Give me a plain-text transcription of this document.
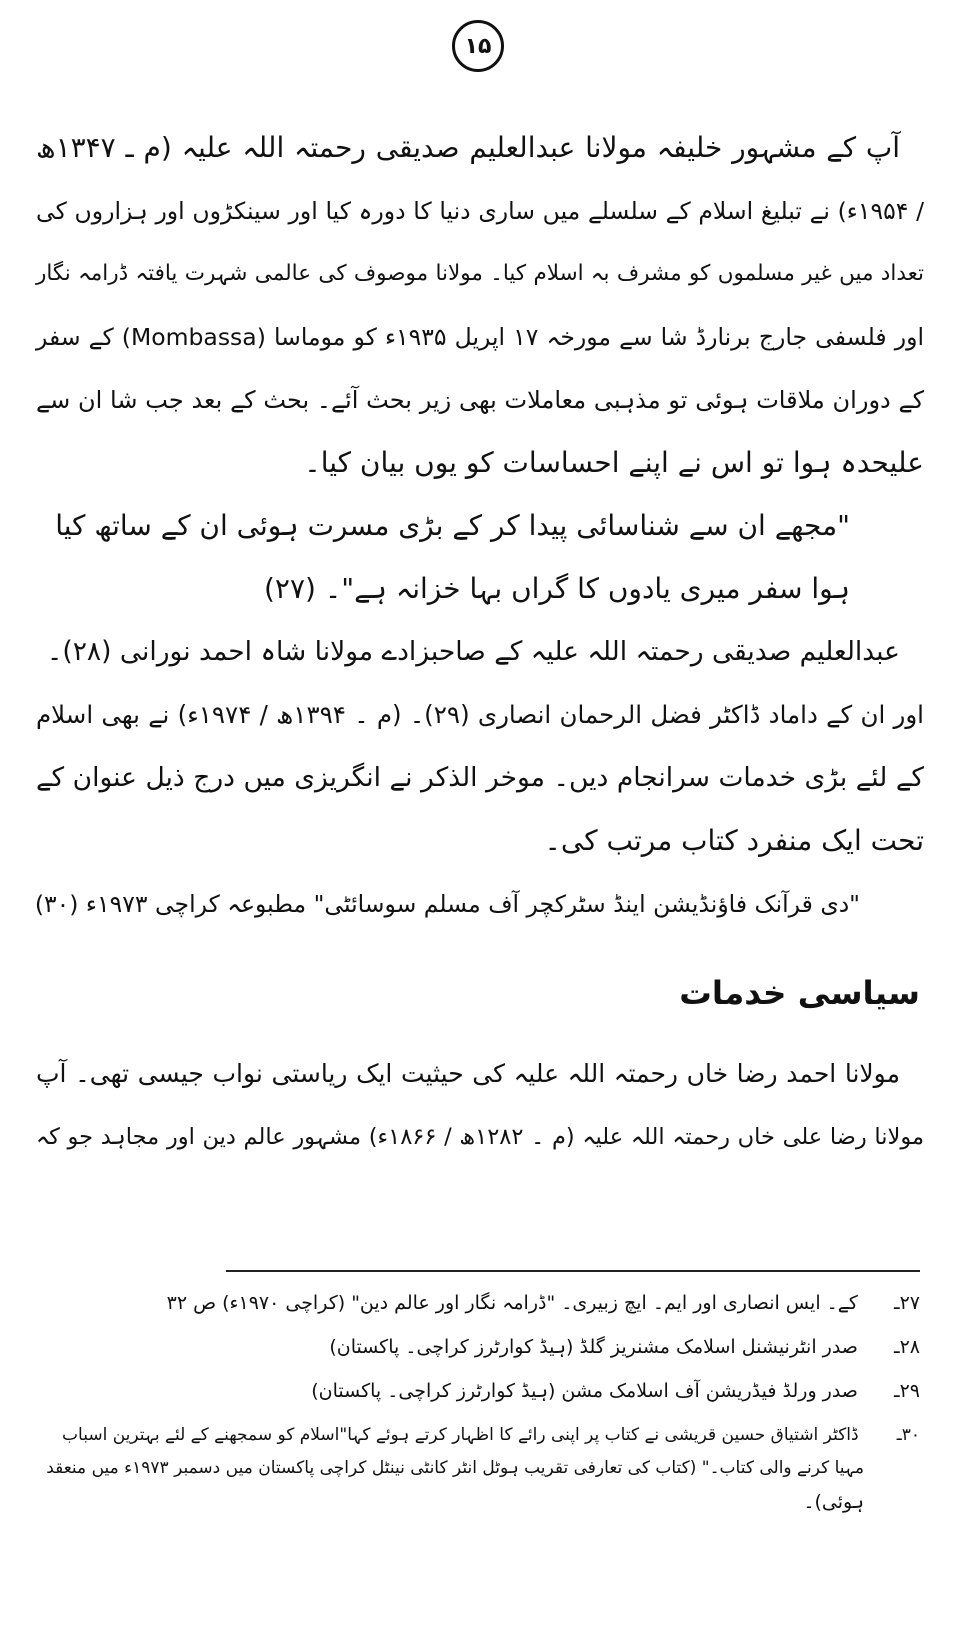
۱۵
آپ کے مشہور خلیفہ مولانا عبدالعلیم صدیقی رحمتہ اللہ علیہ (م ـ ۱۳۴۷ھ
/ ۱۹۵۴ء) نے تبلیغ اسلام کے سلسلے میں ساری دنیا کا دورہ کیا اور سینکڑوں اور ہزاروں کی
تعداد میں غیر مسلموں کو مشرف بہ اسلام کیا۔ مولانا موصوف کی عالمی شہرت یافتہ ڈرامہ نگار
اور فلسفی جارج برنارڈ شا سے مورخہ ۱۷ اپریل ۱۹۳۵ء کو موماسا (Mombassa) کے سفر
کے دوران ملاقات ہوئی تو مذہبی معاملات بھی زیر بحث آئے۔ بحث کے بعد جب شا ان سے
علیحدہ ہوا تو اس نے اپنے احساسات کو یوں بیان کیا۔
"مجھے ان سے شناسائی پیدا کر کے بڑی مسرت ہوئی ان کے ساتھ کیا
ہوا سفر میری یادوں کا گراں بہا خزانہ ہے"۔ (۲۷)
عبدالعلیم صدیقی رحمتہ اللہ علیہ کے صاحبزادے مولانا شاہ احمد نورانی (۲۸)۔
اور ان کے داماد ڈاکٹر فضل الرحمان انصاری (۲۹)۔ (م ۔ ۱۳۹۴ھ / ۱۹۷۴ء) نے بھی اسلام
کے لئے بڑی خدمات سرانجام دیں۔ موخر الذکر نے انگریزی میں درج ذیل عنوان کے
تحت ایک منفرد کتاب مرتب کی۔
"دی قرآنک فاؤنڈیشن اینڈ سٹرکچر آف مسلم سوسائٹی" مطبوعہ کراچی ۱۹۷۳ء (۳۰)
سیاسی خدمات
مولانا احمد رضا خاں رحمتہ اللہ علیہ کی حیثیت ایک ریاستی نواب جیسی تھی۔ آپ
مولانا رضا علی خاں رحمتہ اللہ علیہ (م ۔ ۱۲۸۲ھ / ۱۸۶۶ء) مشہور عالم دین اور مجاہد جو کہ
۲۷ـ کے۔ ایس انصاری اور ایم۔ ایچ زبیری۔ "ڈرامہ نگار اور عالم دین" (کراچی ۱۹۷۰ء) ص ۳۲
۲۸ـ صدر انٹرنیشنل اسلامک مشنریز گلڈ (ہیڈ کوارٹرز کراچی۔ پاکستان)
۲۹ـ صدر ورلڈ فیڈریشن آف اسلامک مشن (ہیڈ کوارٹرز کراچی۔ پاکستان)
۳۰ـ ڈاکٹر اشتیاق حسین قریشی نے کتاب پر اپنی رائے کا اظہار کرتے ہوئے کہا"اسلام کو سمجھنے کے لئے بہترین اسباب
مہیا کرنے والی کتاب۔" (کتاب کی تعارفی تقریب ہوٹل انٹر کانٹی نینٹل کراچی پاکستان میں دسمبر ۱۹۷۳ء میں منعقد
ہوئی)۔
